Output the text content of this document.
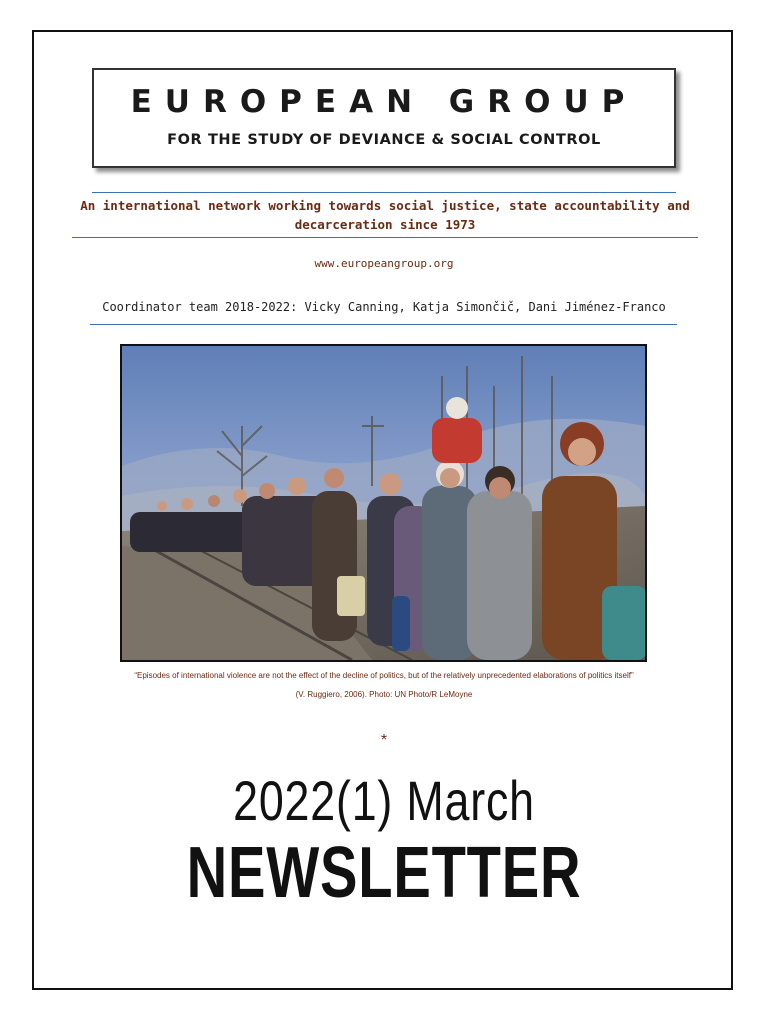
EUROPEAN GROUP
FOR THE STUDY OF DEVIANCE & SOCIAL CONTROL
An international network working towards social justice, state accountability and decarceration since 1973
www.europeangroup.org
Coordinator team 2018-2022: Vicky Canning, Katja Simončič, Dani Jiménez-Franco
“Episodes of international violence are not the effect of the decline of politics, but of the relatively unprecedented elaborations of politics itself”
(V. Ruggiero, 2006). Photo: UN Photo/R LeMoyne
*
2022(1) March
NEWSLETTER
